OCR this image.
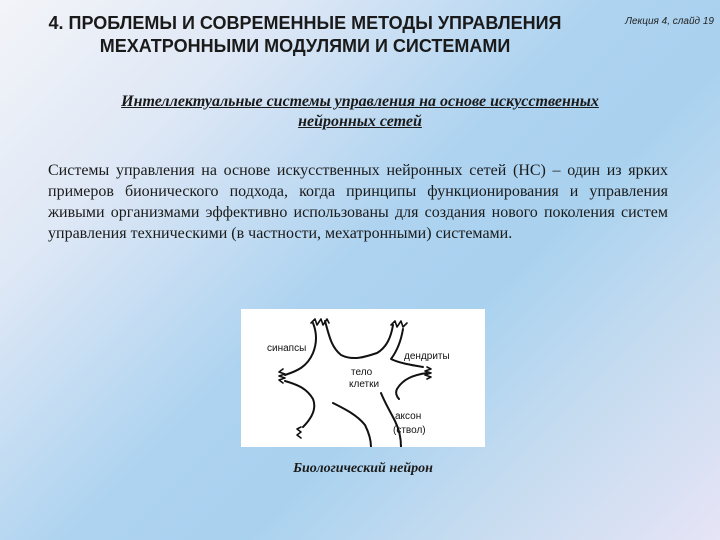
4. ПРОБЛЕМЫ И СОВРЕМЕННЫЕ МЕТОДЫ УПРАВЛЕНИЯ
МЕХАТРОННЫМИ МОДУЛЯМИ И СИСТЕМАМИ
Лекция 4, слайд 19
Интеллектуальные системы управления на основе искусственных
нейронных сетей

Системы управления на основе искусственных нейронных сетей (НС) – один из ярких примеров бионического подхода, когда принципы функционирования и управления живыми организмами эффективно использованы для создания нового поколения систем управления техническими (в частности, мехатронными) системами.

синапсы
дендриты
тело
клетки
аксон
(ствол)
Биологический нейрон
